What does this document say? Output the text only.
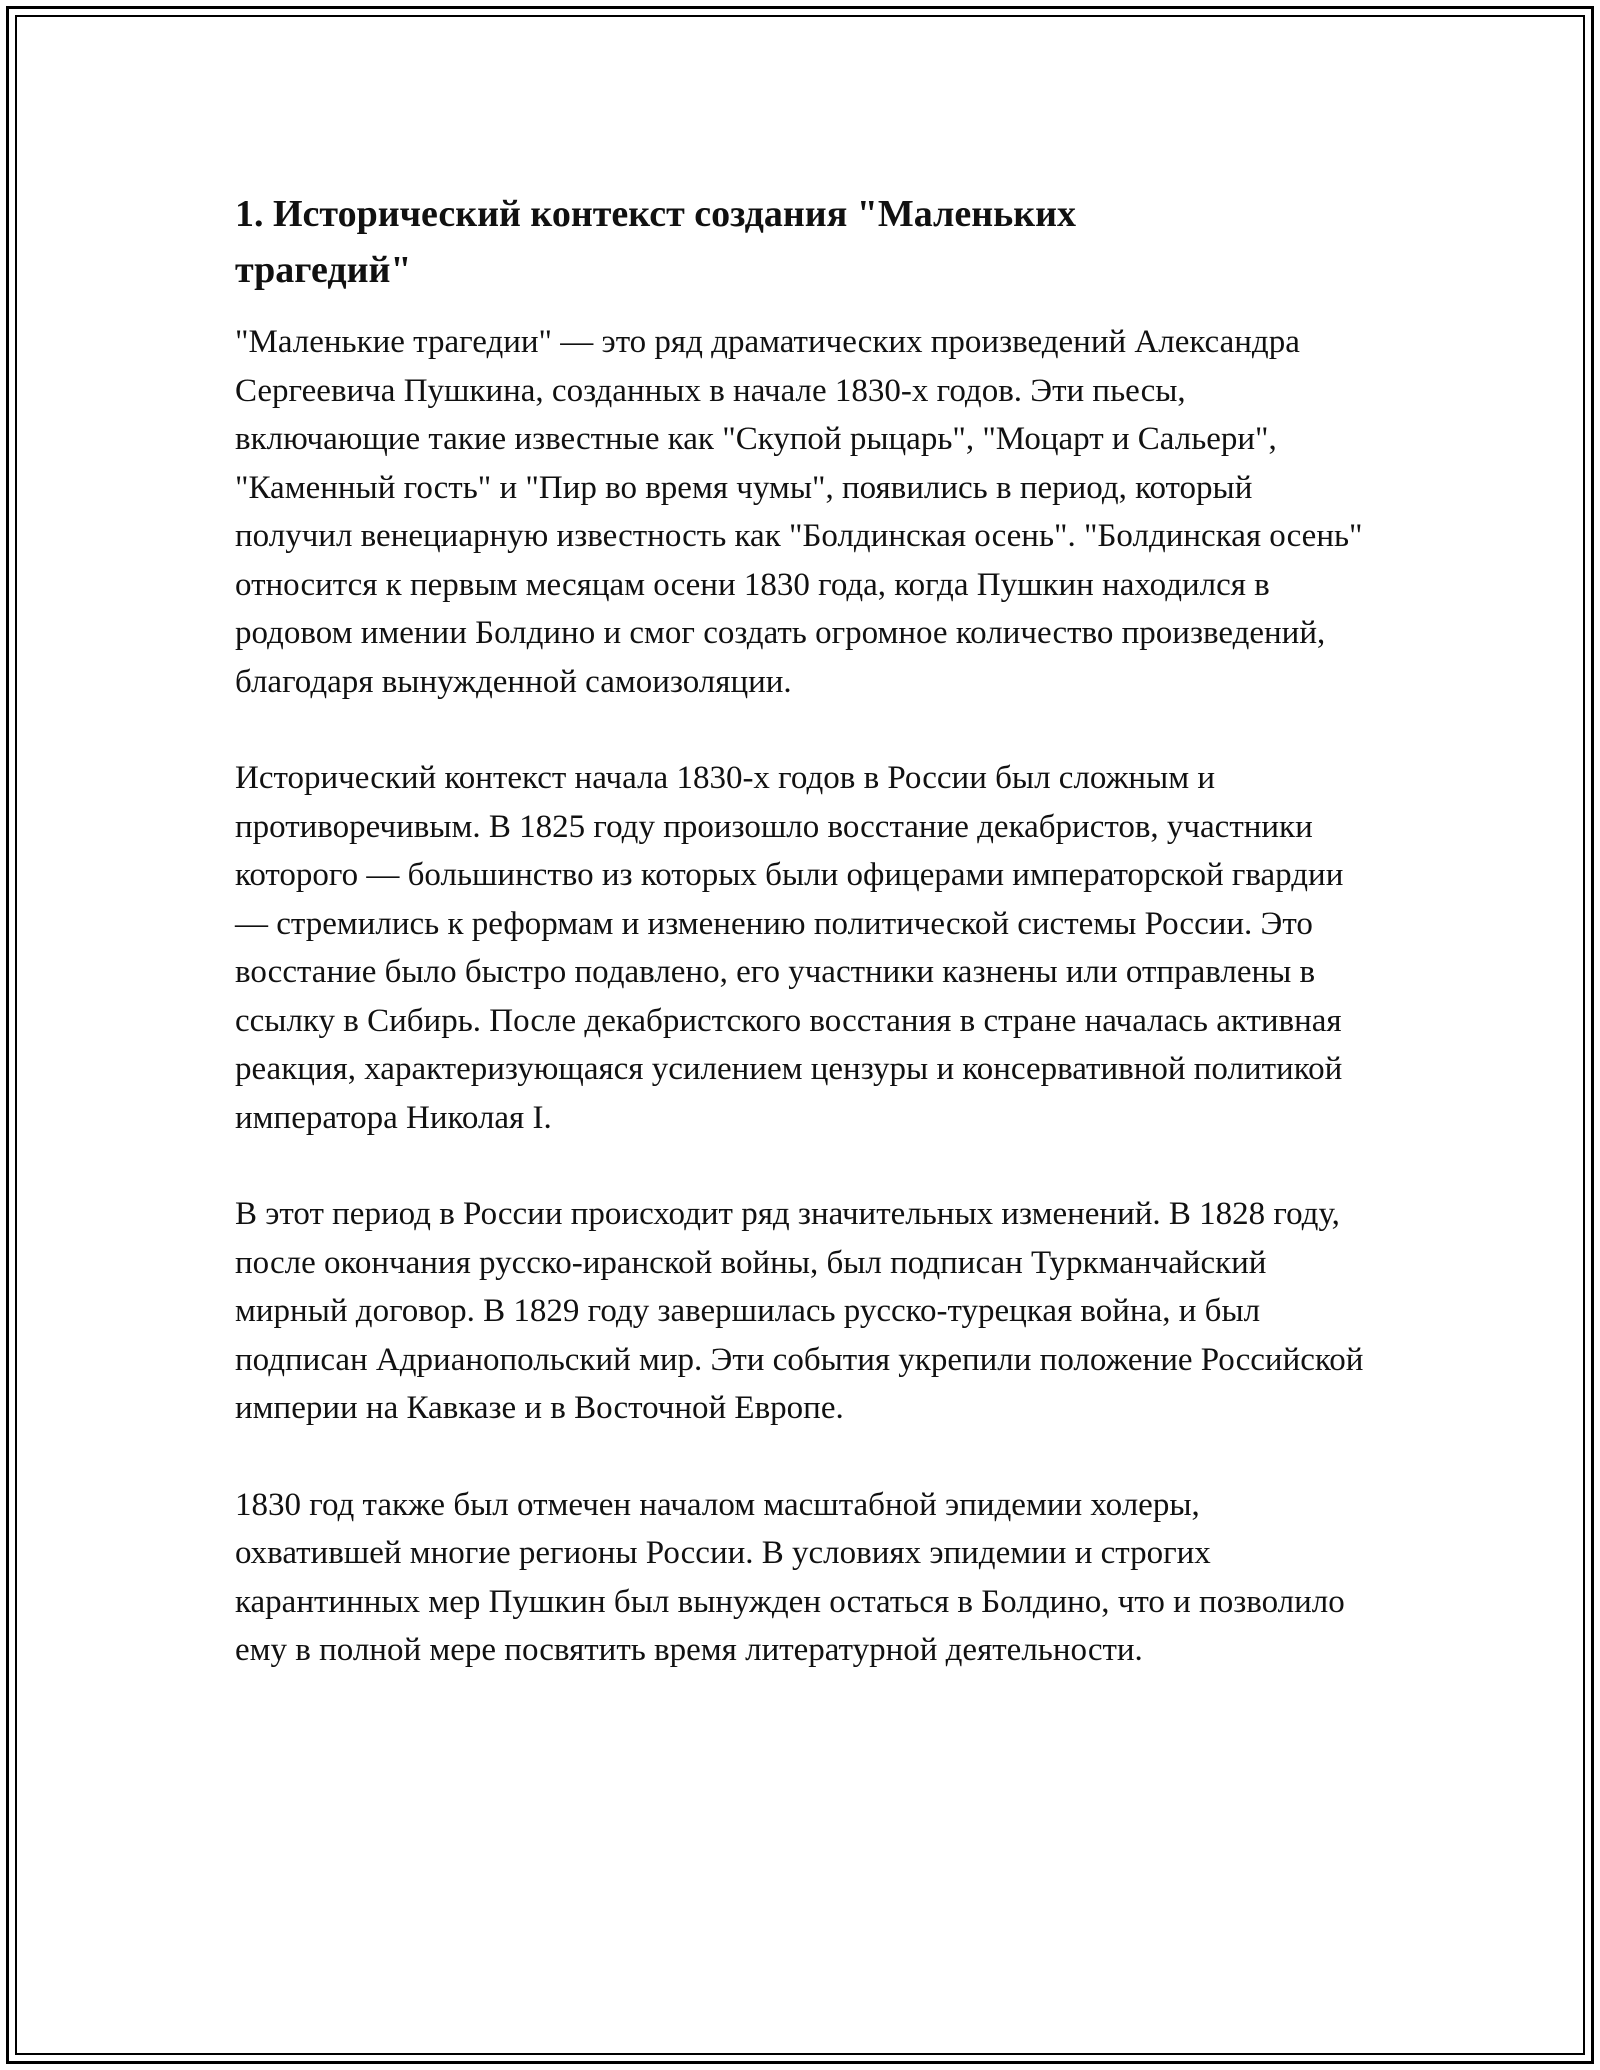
1. Исторический контекст создания "Маленьких трагедий"

"Маленькие трагедии" — это ряд драматических произведений Александра Сергеевича Пушкина, созданных в начале 1830-х годов. Эти пьесы, включающие такие известные как "Скупой рыцарь", "Моцарт и Сальери", "Каменный гость" и "Пир во время чумы", появились в период, который получил венециарную известность как "Болдинская осень". "Болдинская осень" относится к первым месяцам осени 1830 года, когда Пушкин находился в родовом имении Болдино и смог создать огромное количество произведений, благодаря вынужденной самоизоляции.

Исторический контекст начала 1830-х годов в России был сложным и противоречивым. В 1825 году произошло восстание декабристов, участники которого — большинство из которых были офицерами императорской гвардии — стремились к реформам и изменению политической системы России. Это восстание было быстро подавлено, его участники казнены или отправлены в ссылку в Сибирь. После декабристского восстания в стране началась активная реакция, характеризующаяся усилением цензуры и консервативной политикой императора Николая I.

В этот период в России происходит ряд значительных изменений. В 1828 году, после окончания русско-иранской войны, был подписан Туркманчайский мирный договор. В 1829 году завершилась русско-турецкая война, и был подписан Адрианопольский мир. Эти события укрепили положение Российской империи на Кавказе и в Восточной Европе.

1830 год также был отмечен началом масштабной эпидемии холеры, охватившей многие регионы России. В условиях эпидемии и строгих карантинных мер Пушкин был вынужден остаться в Болдино, что и позволило ему в полной мере посвятить время литературной деятельности.
